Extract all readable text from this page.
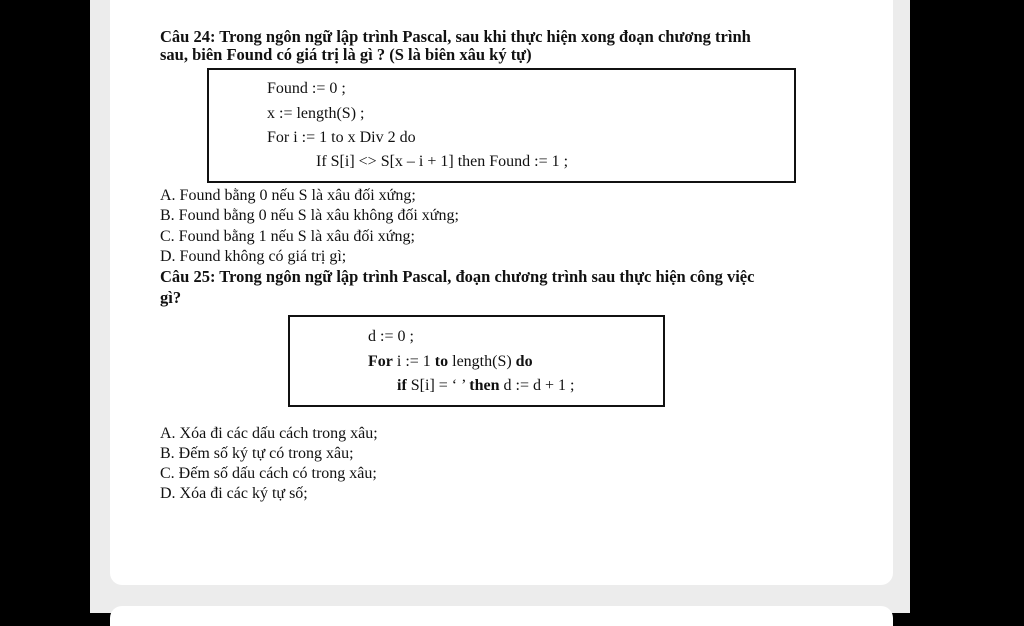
Câu 24: Trong ngôn ngữ lập trình Pascal, sau khi thực hiện xong đoạn chương trình
sau, biên Found có giá trị là gì ? (S là biên xâu ký tự)
Found := 0 ;
x := length(S) ;
For i := 1 to x Div 2 do
If S[i] <> S[x – i + 1] then Found := 1 ;
A. Found bằng 0 nếu S là xâu đối xứng;
B. Found bằng 0 nếu S là xâu không đối xứng;
C. Found bằng 1 nếu S là xâu đối xứng;
D. Found không có giá trị gì;
Câu 25: Trong ngôn ngữ lập trình Pascal, đoạn chương trình sau thực hiện công việc
gì?
d := 0 ;
For i := 1 to length(S) do
if S[i] = ‘ ’ then d := d + 1 ;
A. Xóa đi các dấu cách trong xâu;
B. Đếm số ký tự có trong xâu;
C. Đếm số dấu cách có trong xâu;
D. Xóa đi các ký tự số;
